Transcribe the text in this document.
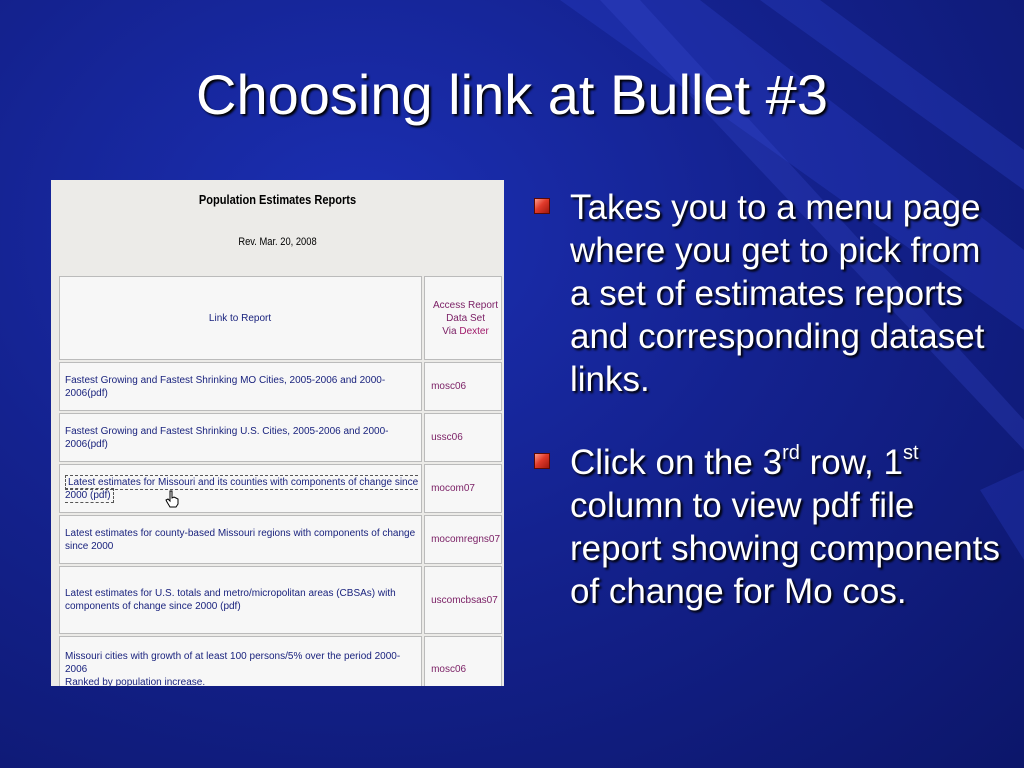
Choosing link at Bullet #3
Population Estimates Reports
Rev. Mar. 20, 2008
Link to Report	Access Report
Data Set
Via Dexter

Fastest Growing and Fastest Shrinking MO Cities, 2005-2006 and 2000-2006(pdf)	mosc06
Fastest Growing and Fastest Shrinking U.S. Cities, 2005-2006 and 2000-2006(pdf)	ussc06
Latest estimates for Missouri and its counties with components of change since 2000 (pdf)	mocom07
Latest estimates for county-based Missouri regions with components of change since 2000	mocomregns07
Latest estimates for U.S. totals and metro/micropolitan areas (CBSAs) with components of change since 2000 (pdf)	uscomcbsas07

Missouri cities with growth of at least 100 persons/5% over the period 2000-2006
Ranked by population increase.	mosc06
Takes you to a menu page where you get to pick from a set of estimates reports and corresponding dataset links.
Click on the 3rd row, 1st column to view pdf file report showing components of change for Mo cos.
